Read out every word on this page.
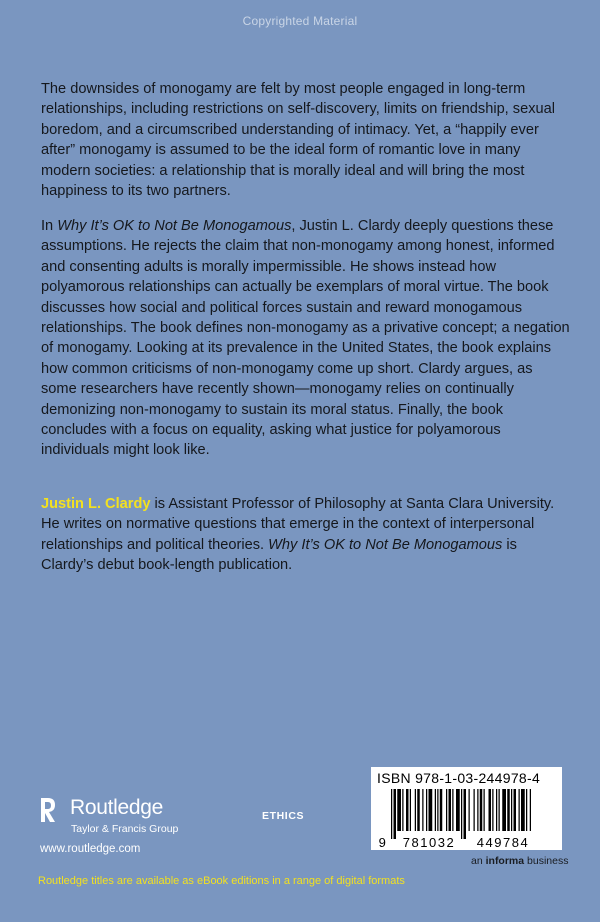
Copyrighted Material

The downsides of monogamy are felt by most people engaged in long-term relationships, including restrictions on self-discovery, limits on friendship, sexual boredom, and a circumscribed understanding of intimacy. Yet, a “happily ever after” monogamy is assumed to be the ideal form of romantic love in many modern societies: a relationship that is morally ideal and will bring the most happiness to its two partners.

In Why It’s OK to Not Be Monogamous, Justin L. Clardy deeply questions these assumptions. He rejects the claim that non-monogamy among honest, informed and consenting adults is morally impermissible. He shows instead how polyamorous relationships can actually be exemplars of moral virtue. The book discusses how social and political forces sustain and reward monogamous relationships. The book defines non-monogamy as a privative concept; a negation of monogamy. Looking at its prevalence in the United States, the book explains how common criticisms of non-monogamy come up short. Clardy argues, as some researchers have recently shown—monogamy relies on continually demonizing non-monogamy to sustain its moral status. Finally, the book concludes with a focus on equality, asking what justice for polyamorous individuals might look like.

Justin L. Clardy is Assistant Professor of Philosophy at Santa Clara University. He writes on normative questions that emerge in the context of interpersonal relationships and political theories. Why It’s OK to Not Be Monogamous is Clardy’s debut book-length publication.

Routledge
Taylor & Francis Group
www.routledge.com
ETHICS
ISBN 978-1-03-244978-4
9 781032 449784
an informa business
Routledge titles are available as eBook editions in a range of digital formats
